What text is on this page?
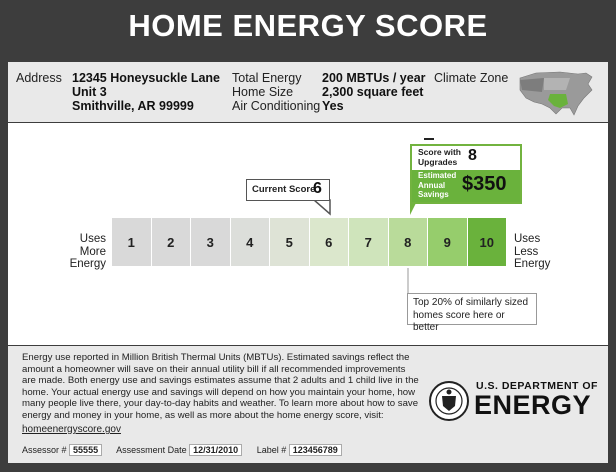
HOME ENERGY SCORE
Address 12345 Honeysuckle Lane
Unit 3
Smithville, AR 99999
Total Energy 200 MBTUs / year
Home Size 2,300 square feet
Air Conditioning Yes
Climate Zone
Uses
More
Energy
Uses
Less
Energy
1	2	3	4	5	6	7	8	9	10
Current Score
6
Score with
Upgrades 8
Estimated
Annual
Savings $350
Top 20% of similarly sized homes score here or better
Energy use reported in Million British Thermal Units (MBTUs). Estimated savings reflect the amount a homeowner will save on their annual utility bill if all recommended improvements are made. Both energy use and savings estimates assume that 2 adults and 1 child live in the home. Your actual energy use and savings will depend on how you maintain your home, how many people live there, your day-to-day habits and weather. To learn more about how to save energy and money in your home, as well as more about the home energy score, visit:
homeenergyscore.gov
Assessor # 55555 Assessment Date 12/31/2010 Label # 123456789
U.S. DEPARTMENT OF
ENERGY
